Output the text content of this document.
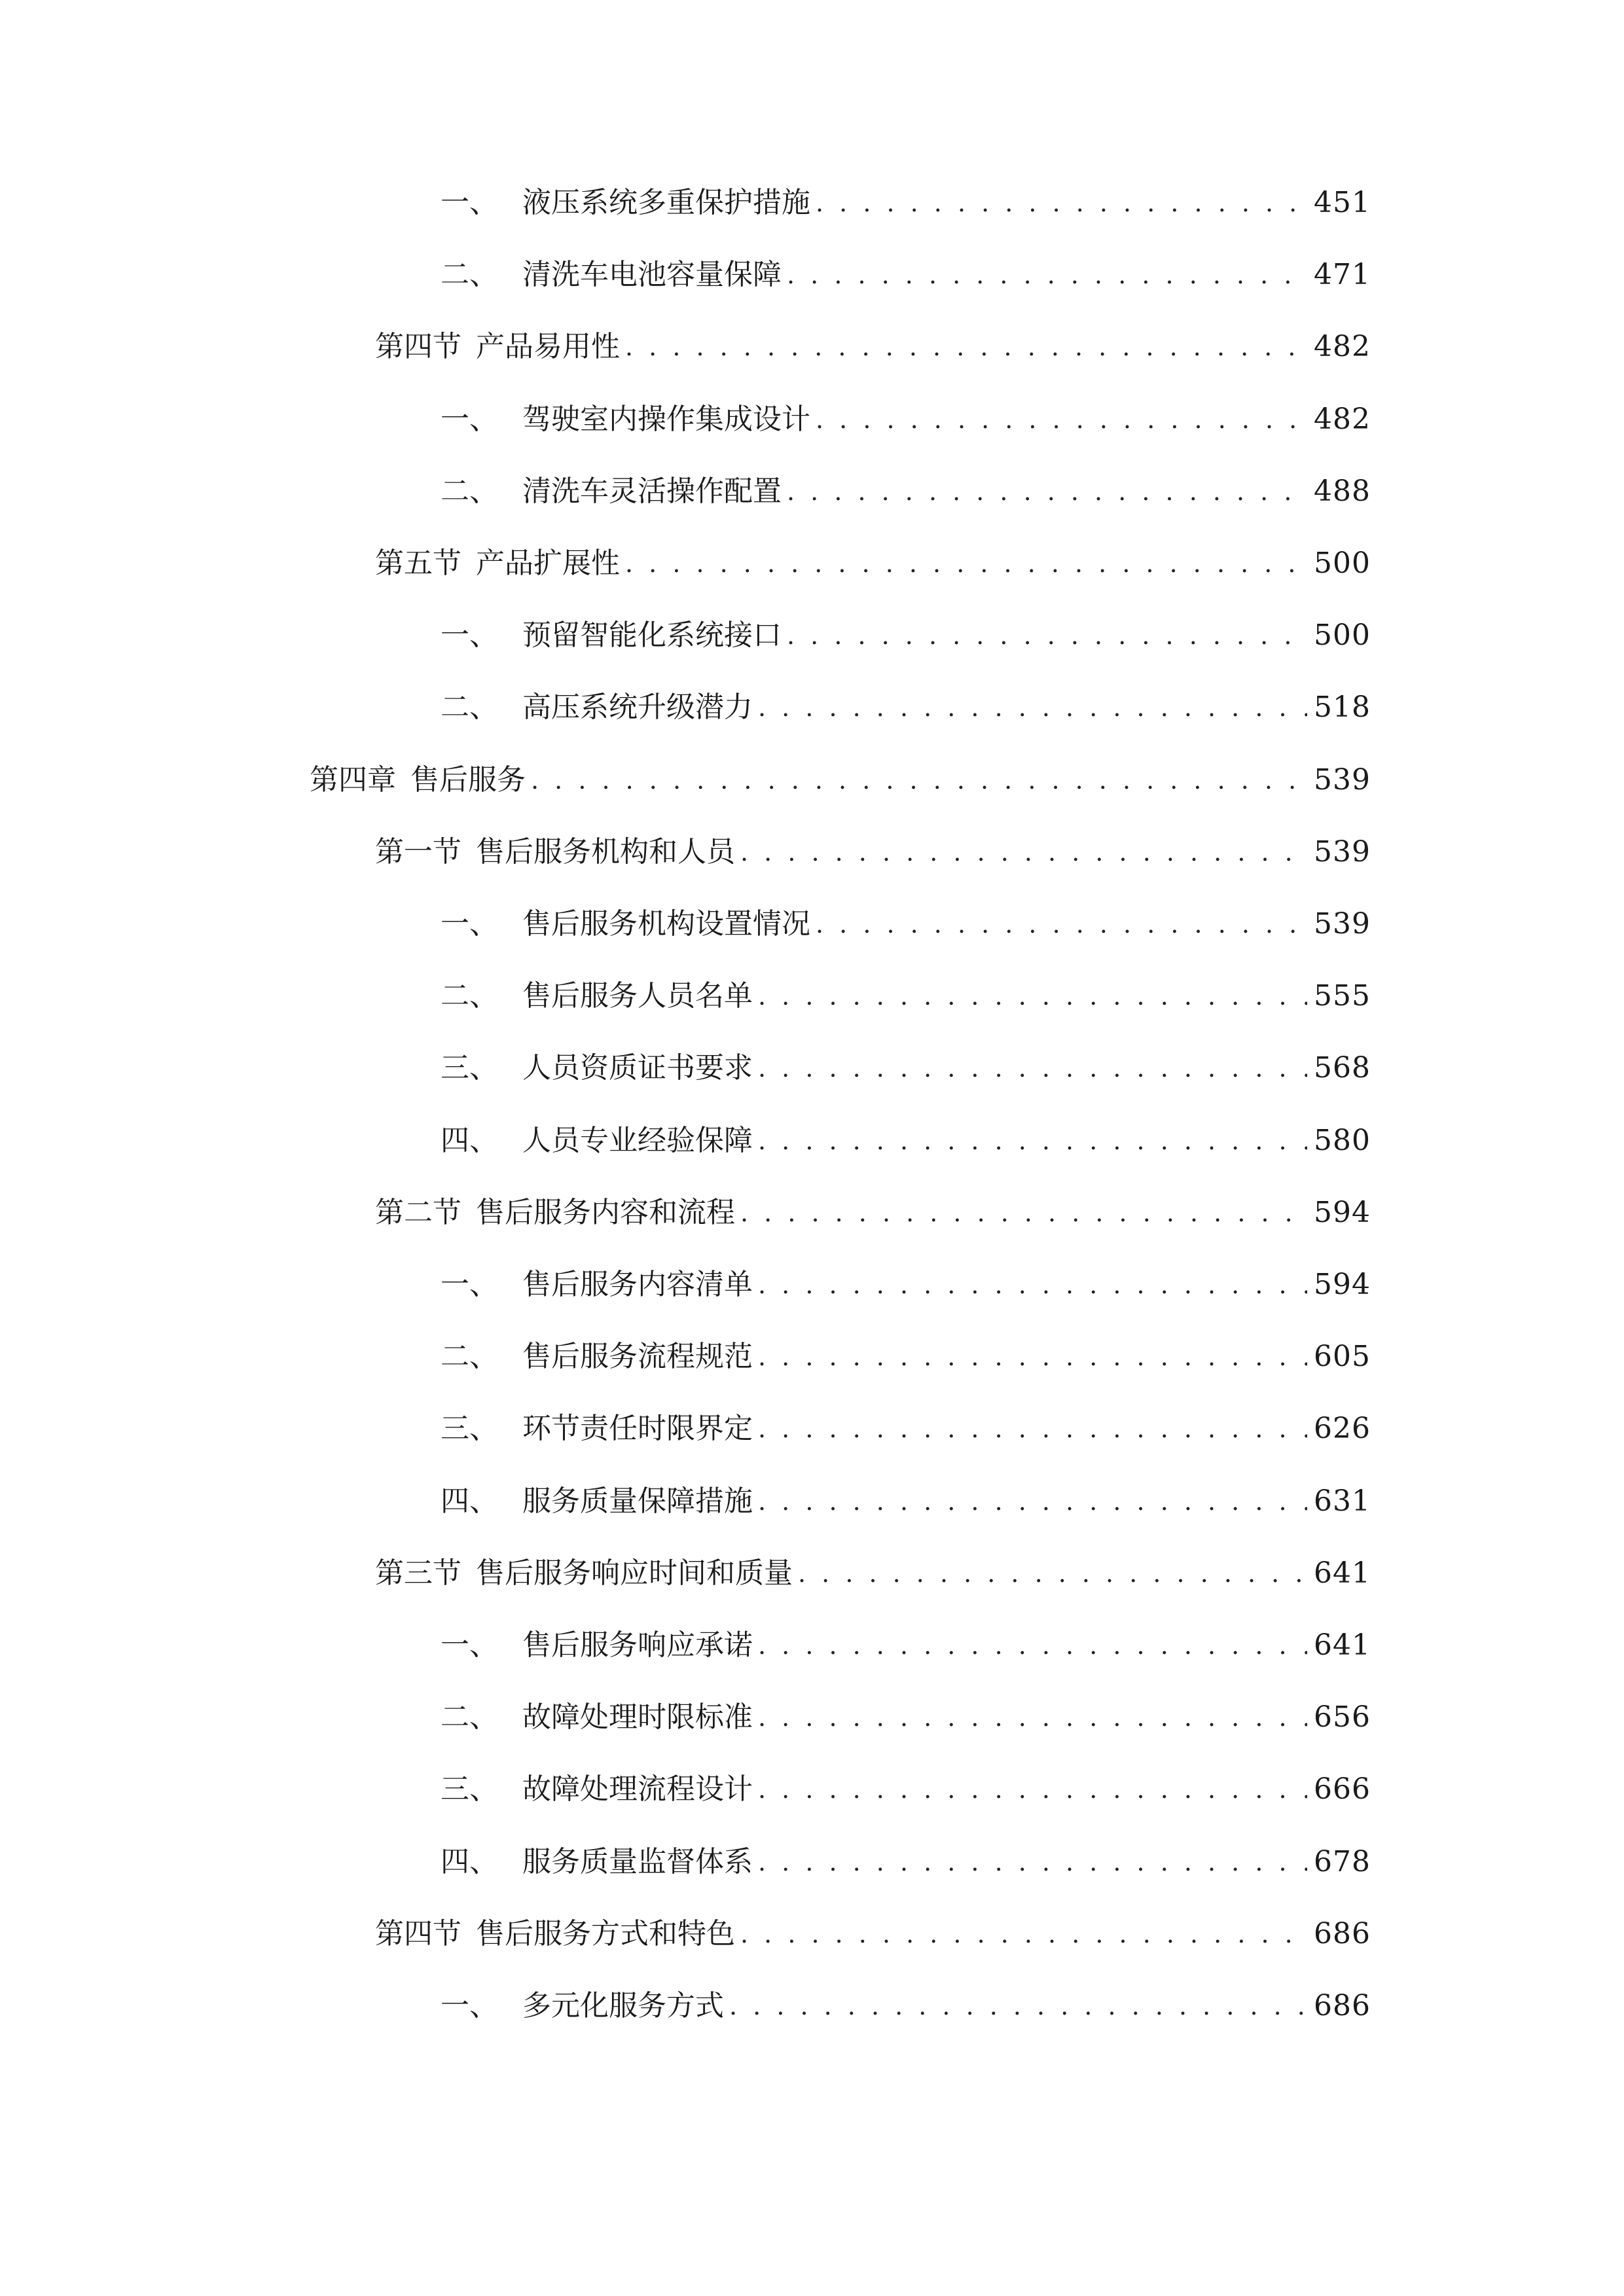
一、 液压系统多重保护措施 . . .	451
二、 清洗车电池容量保障 . . .	471
第四节 产品易用性 . . .	482
一、 驾驶室内操作集成设计 . . .	482
二、 清洗车灵活操作配置 . . .	488
第五节 产品扩展性 . . .	500
一、 预留智能化系统接口 . . .	500
二、 高压系统升级潜力 . . .	518
第四章 售后服务 . . .	539
第一节 售后服务机构和人员 . . .	539
一、 售后服务机构设置情况 . . .	539
二、 售后服务人员名单 . . .	555
三、 人员资质证书要求 . . .	568
四、 人员专业经验保障 . . .	580
第二节 售后服务内容和流程 . . .	594
一、 售后服务内容清单 . . .	594
二、 售后服务流程规范 . . .	605
三、 环节责任时限界定 . . .	626
四、 服务质量保障措施 . . .	631
第三节 售后服务响应时间和质量 . . .	641
一、 售后服务响应承诺 . . .	641
二、 故障处理时限标准 . . .	656
三、 故障处理流程设计 . . .	666
四、 服务质量监督体系 . . .	678
第四节 售后服务方式和特色 . . .	686
一、 多元化服务方式 . . .	686
